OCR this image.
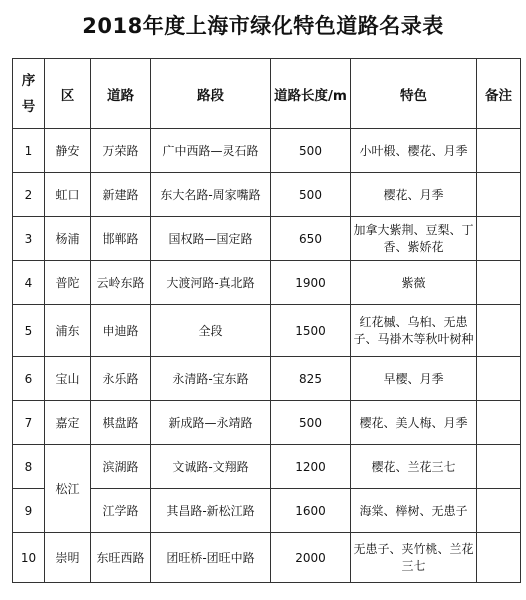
2018年度上海市绿化特色道路名录表
序
号	区	道路	路段	道路长度/m	特色	备注
1	静安	万荣路	广中西路—灵石路	500	小叶椴、樱花、月季	
2	虹口	新建路	东大名路-周家嘴路	500	樱花、月季	
3	杨浦	邯郸路	国权路—国定路	650	加拿大紫荆、豆梨、丁香、紫娇花	
4	普陀	云岭东路	大渡河路-真北路	1900	紫薇	
5	浦东	申迪路	全段	1500	红花槭、乌桕、无患子、马褂木等秋叶树种	
6	宝山	永乐路	永清路-宝东路	825	早樱、月季	
7	嘉定	棋盘路	新成路—永靖路	500	樱花、美人梅、月季	
8	松江	滨湖路	文诚路-文翔路	1200	樱花、兰花三七	
9		江学路	其昌路-新松江路	1600	海棠、榉树、无患子	
10	崇明	东旺西路	团旺桥-团旺中路	2000	无患子、夹竹桃、兰花三七	
